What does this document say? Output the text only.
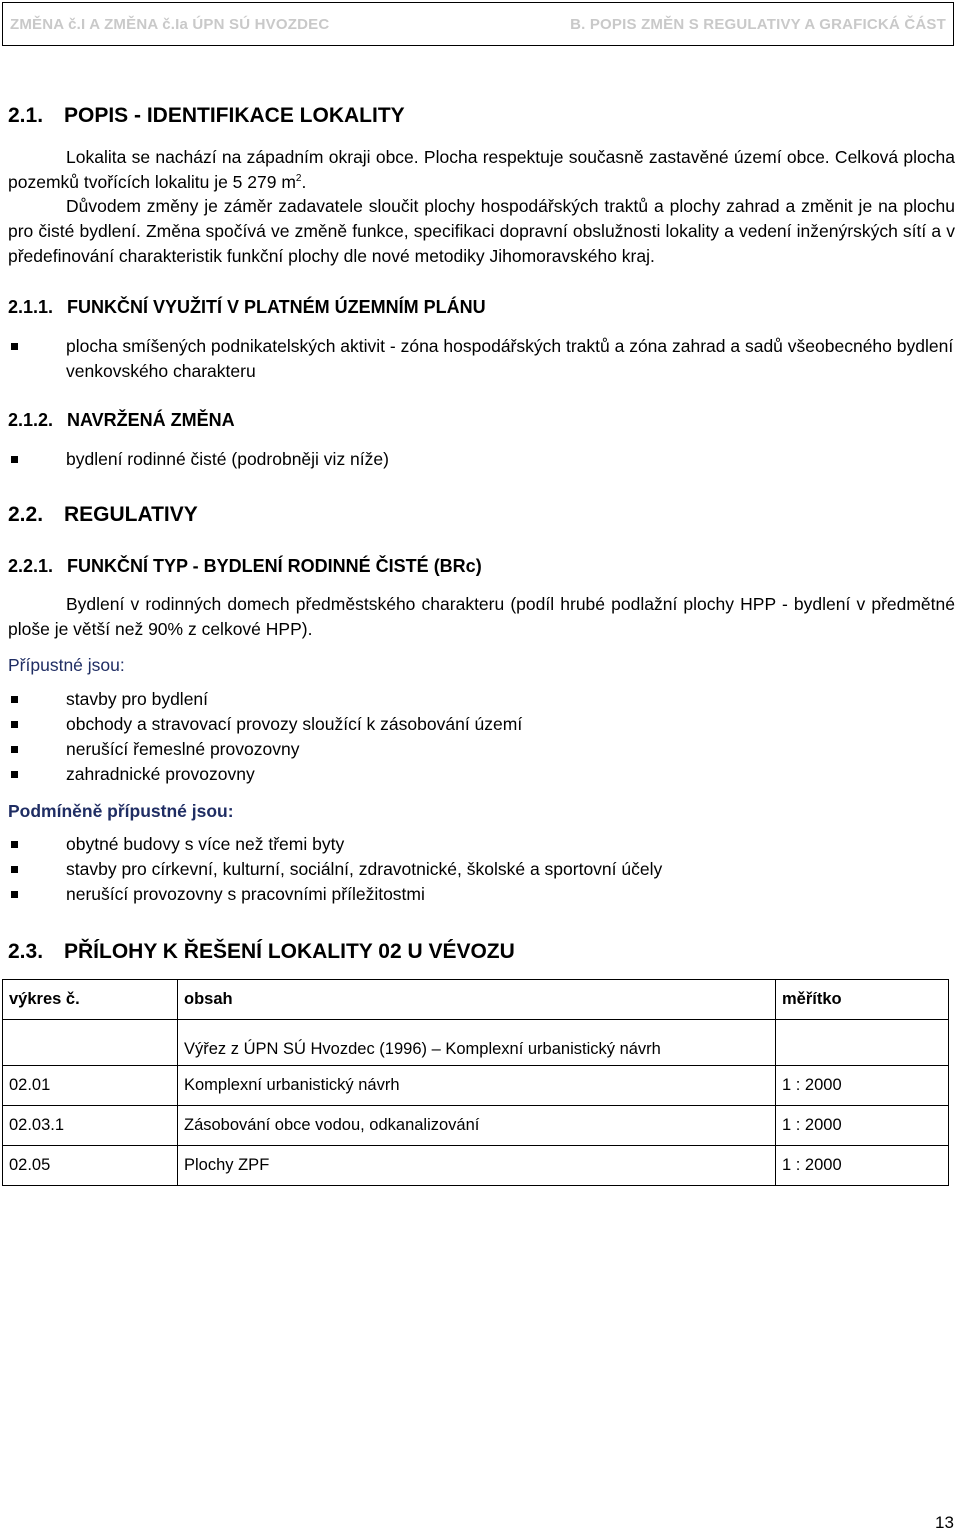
ZMĚNA č.I A ZMĚNA č.Ia ÚPN SÚ HVOZDEC	B. POPIS ZMĚN S REGULATIVY A GRAFICKÁ ČÁST
2.1. POPIS - IDENTIFIKACE LOKALITY
Lokalita se nachází na západním okraji obce. Plocha respektuje současně zastavěné území obce. Celková plocha pozemků tvořících lokalitu je 5 279 $m^2$.
Důvodem změny je záměr zadavatele sloučit plochy hospodářských traktů a plochy zahrad a změnit je na plochu pro čisté bydlení. Změna spočívá ve změně funkce, specifikaci dopravní obslužnosti lokality a vedení inženýrských sítí a v předefinování charakteristik funkční plochy dle nové metodiky Jihomoravského kraj.
2.1.1. FUNKČNÍ VYUŽITÍ V PLATNÉM ÚZEMNÍM PLÁNU
plocha smíšených podnikatelských aktivit - zóna hospodářských traktů a zóna zahrad a sadů všeobecného bydlení venkovského charakteru
2.1.2. NAVRŽENÁ ZMĚNA
bydlení rodinné čisté (podrobněji viz níže)
2.2. REGULATIVY
2.2.1. FUNKČNÍ TYP - BYDLENÍ RODINNÉ ČISTÉ (BRc)
Bydlení v rodinných domech předměstského charakteru (podíl hrubé podlažní plochy HPP - bydlení v předmětné ploše je větší než 90% z celkové HPP).
Přípustné jsou:
stavby pro bydlení
obchody a stravovací provozy sloužící k zásobování území
nerušící řemeslné provozovny
zahradnické provozovny
Podmíněně přípustné jsou:
obytné budovy s více než třemi byty
stavby pro církevní, kulturní, sociální, zdravotnické, školské a sportovní účely
nerušící provozovny s pracovními příležitostmi
2.3. PŘÍLOHY K ŘEŠENÍ LOKALITY 02 U VÉVOZU
výkres č.	obsah	měřítko
	Výřez z ÚPN SÚ Hvozdec (1996) – Komplexní urbanistický návrh	
02.01	Komplexní urbanistický návrh	1 : 2000
02.03.1	Zásobování obce vodou, odkanalizování	1 : 2000
02.05	Plochy ZPF	1 : 2000
13
